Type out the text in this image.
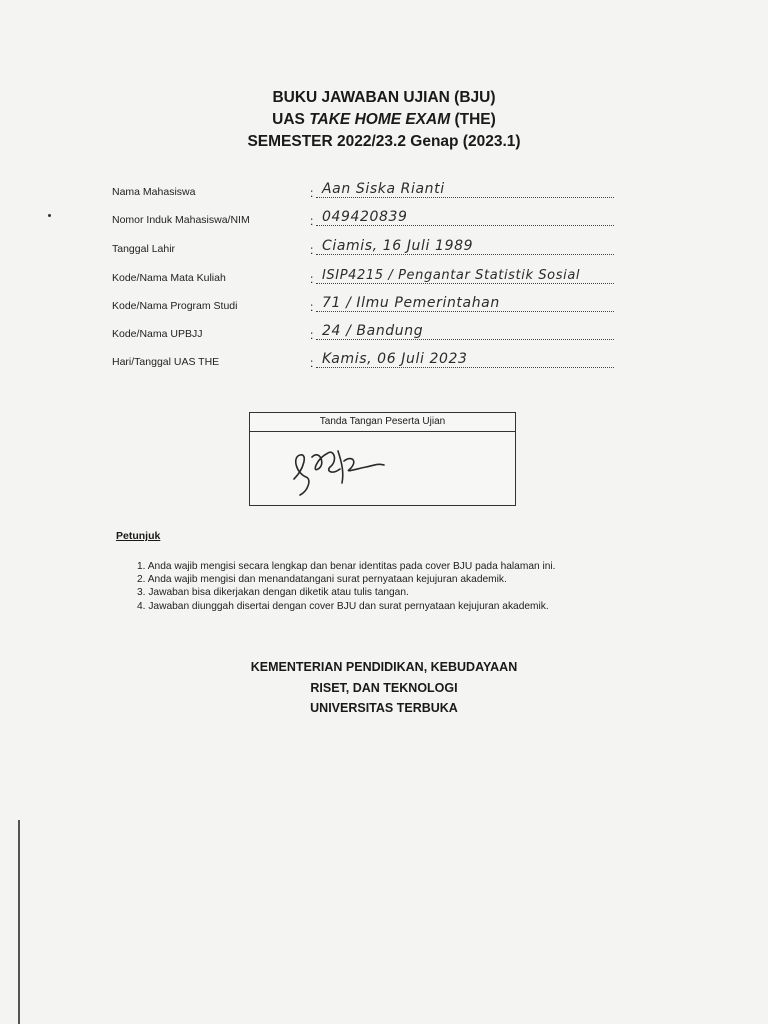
BUKU JAWABAN UJIAN (BJU)
UAS TAKE HOME EXAM (THE)
SEMESTER 2022/23.2 Genap (2023.1)
Nama Mahasiswa	: Aan Siska Rianti
Nomor Induk Mahasiswa/NIM	: 049420839
Tanggal Lahir	: Ciamis, 16 Juli 1989
Kode/Nama Mata Kuliah	: ISIP4215 / Pengantar Statistik Sosial
Kode/Nama Program Studi	: 71 / Ilmu Pemerintahan
Kode/Nama UPBJJ	: 24 / Bandung
Hari/Tanggal UAS THE	: Kamis, 06 Juli 2023
Tanda Tangan Peserta Ujian
Petunjuk
1. Anda wajib mengisi secara lengkap dan benar identitas pada cover BJU pada halaman ini.
2. Anda wajib mengisi dan menandatangani surat pernyataan kejujuran akademik.
3. Jawaban bisa dikerjakan dengan diketik atau tulis tangan.
4. Jawaban diunggah disertai dengan cover BJU dan surat pernyataan kejujuran akademik.
KEMENTERIAN PENDIDIKAN, KEBUDAYAAN
RISET, DAN TEKNOLOGI
UNIVERSITAS TERBUKA
